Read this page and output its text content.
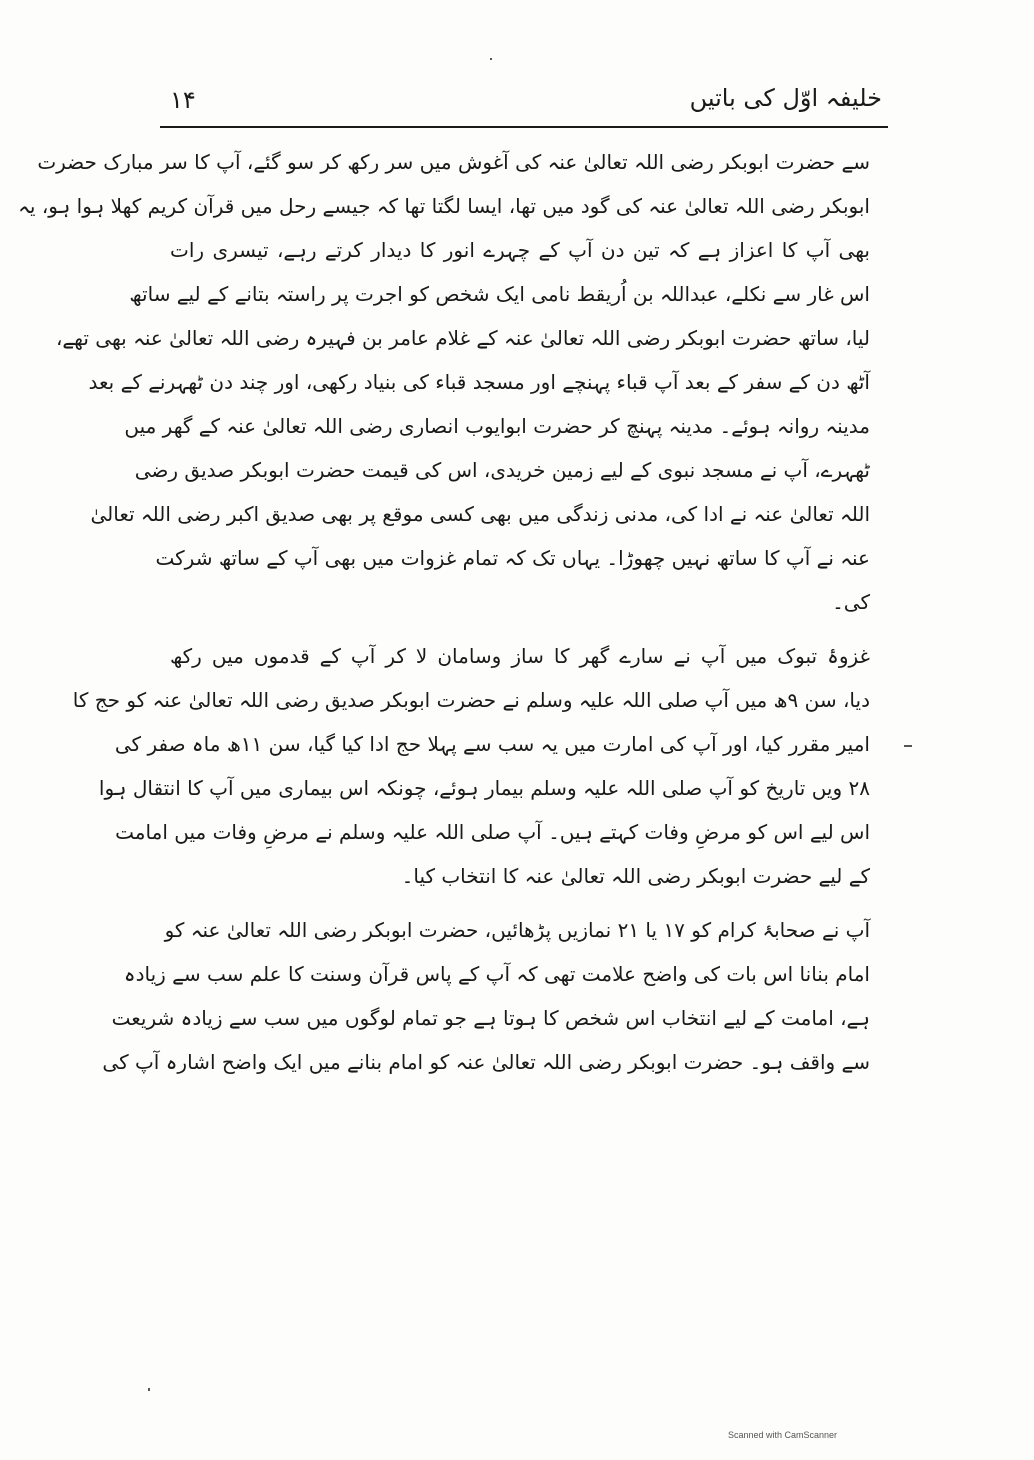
۱۴	خلیفہ اوّل کی باتیں
سے حضرت ابوبکر رضی اللہ تعالیٰ عنہ کی آغوش میں سر رکھ کر سو گئے، آپ کا سر مبارک حضرت
ابوبکر رضی اللہ تعالیٰ عنہ کی گود میں تھا، ایسا لگتا تھا کہ جیسے رحل میں قرآن کریم کھلا ہوا ہو، یہ
بھی آپ کا اعزاز ہے کہ تین دن آپ کے چہرے انور کا دیدار کرتے رہے، تیسری رات
اس غار سے نکلے، عبداللہ بن اُریقط نامی ایک شخص کو اجرت پر راستہ بتانے کے لیے ساتھ
لیا، ساتھ حضرت ابوبکر رضی اللہ تعالیٰ عنہ کے غلام عامر بن فہیرہ رضی اللہ تعالیٰ عنہ بھی تھے،
آٹھ دن کے سفر کے بعد آپ قباء پہنچے اور مسجد قباء کی بنیاد رکھی، اور چند دن ٹھہرنے کے بعد
مدینہ روانہ ہوئے۔ مدینہ پہنچ کر حضرت ابوایوب انصاری رضی اللہ تعالیٰ عنہ کے گھر میں
ٹھہرے، آپ نے مسجد نبوی کے لیے زمین خریدی، اس کی قیمت حضرت ابوبکر صدیق رضی
اللہ تعالیٰ عنہ نے ادا کی، مدنی زندگی میں بھی کسی موقع پر بھی صدیق اکبر رضی اللہ تعالیٰ
عنہ نے آپ کا ساتھ نہیں چھوڑا۔ یہاں تک کہ تمام غزوات میں بھی آپ کے ساتھ شرکت
کی۔
غزوۂ تبوک میں آپ نے سارے گھر کا ساز وسامان لا کر آپ کے قدموں میں رکھ
دیا، سن ۹ھ میں آپ صلی اللہ علیہ وسلم نے حضرت ابوبکر صدیق رضی اللہ تعالیٰ عنہ کو حج کا
امیر مقرر کیا، اور آپ کی امارت میں یہ سب سے پہلا حج ادا کیا گیا، سن ۱۱ھ ماہ صفر کی
۲۸ ویں تاریخ کو آپ صلی اللہ علیہ وسلم بیمار ہوئے، چونکہ اس بیماری میں آپ کا انتقال ہوا
اس لیے اس کو مرضِ وفات کہتے ہیں۔ آپ صلی اللہ علیہ وسلم نے مرضِ وفات میں امامت
کے لیے حضرت ابوبکر رضی اللہ تعالیٰ عنہ کا انتخاب کیا۔
آپ نے صحابۂ کرام کو ۱۷ یا ۲۱ نمازیں پڑھائیں، حضرت ابوبکر رضی اللہ تعالیٰ عنہ کو
امام بنانا اس بات کی واضح علامت تھی کہ آپ کے پاس قرآن وسنت کا علم سب سے زیادہ
ہے، امامت کے لیے انتخاب اس شخص کا ہوتا ہے جو تمام لوگوں میں سب سے زیادہ شریعت
سے واقف ہو۔ حضرت ابوبکر رضی اللہ تعالیٰ عنہ کو امام بنانے میں ایک واضح اشارہ آپ کی
Scanned with CamScanner
